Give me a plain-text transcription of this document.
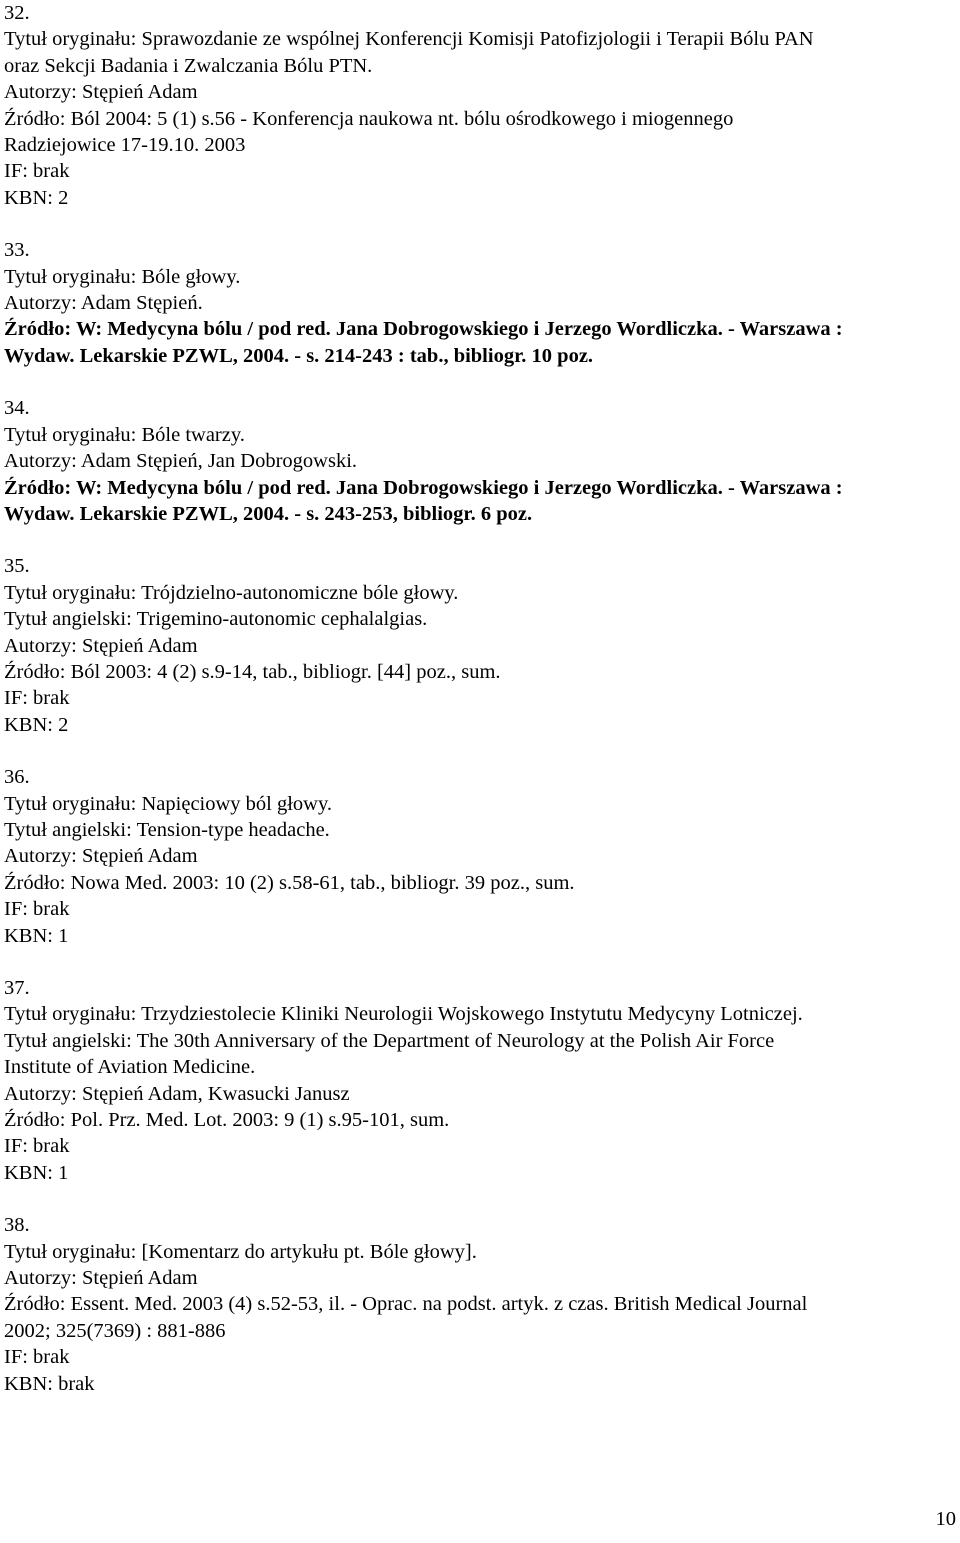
32.
Tytuł oryginału: Sprawozdanie ze wspólnej Konferencji Komisji Patofizjologii i Terapii Bólu PAN
oraz Sekcji Badania i Zwalczania Bólu PTN.
Autorzy: Stępień Adam
Źródło: Ból 2004: 5 (1) s.56 - Konferencja naukowa nt. bólu ośrodkowego i miogennego
Radziejowice 17-19.10. 2003
IF: brak
KBN: 2
33.
Tytuł oryginału: Bóle głowy.
Autorzy: Adam Stępień.
Źródło: W: Medycyna bólu / pod red. Jana Dobrogowskiego i Jerzego Wordliczka. - Warszawa :
Wydaw. Lekarskie PZWL, 2004. - s. 214-243 : tab., bibliogr. 10 poz.
34.
Tytuł oryginału: Bóle twarzy.
Autorzy: Adam Stępień, Jan Dobrogowski.
Źródło: W: Medycyna bólu / pod red. Jana Dobrogowskiego i Jerzego Wordliczka. - Warszawa :
Wydaw. Lekarskie PZWL, 2004. - s. 243-253, bibliogr. 6 poz.
35.
Tytuł oryginału: Trójdzielno-autonomiczne bóle głowy.
Tytuł angielski: Trigemino-autonomic cephalalgias.
Autorzy: Stępień Adam
Źródło: Ból 2003: 4 (2) s.9-14, tab., bibliogr. [44] poz., sum.
IF: brak
KBN: 2
36.
Tytuł oryginału: Napięciowy ból głowy.
Tytuł angielski: Tension-type headache.
Autorzy: Stępień Adam
Źródło: Nowa Med. 2003: 10 (2) s.58-61, tab., bibliogr. 39 poz., sum.
IF: brak
KBN: 1
37.
Tytuł oryginału: Trzydziestolecie Kliniki Neurologii Wojskowego Instytutu Medycyny Lotniczej.
Tytuł angielski: The 30th Anniversary of the Department of Neurology at the Polish Air Force
Institute of Aviation Medicine.
Autorzy: Stępień Adam, Kwasucki Janusz
Źródło: Pol. Prz. Med. Lot. 2003: 9 (1) s.95-101, sum.
IF: brak
KBN: 1
38.
Tytuł oryginału: [Komentarz do artykułu pt. Bóle głowy].
Autorzy: Stępień Adam
Źródło: Essent. Med. 2003 (4) s.52-53, il. - Oprac. na podst. artyk. z czas. British Medical Journal
2002; 325(7369) : 881-886
IF: brak
KBN: brak
10
